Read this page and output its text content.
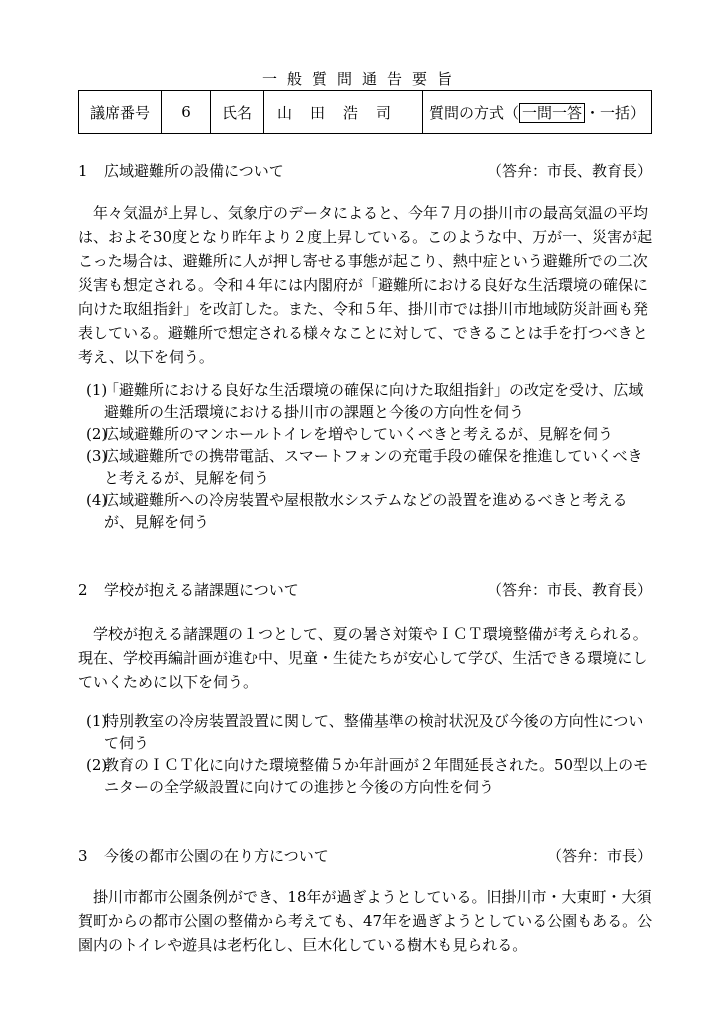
一般質問通告要旨
議席番号	6	氏名	山田浩司	質問の方式（ 一問一答 ・一括）
1 広域避難所の設備について	（答弁：市長、教育長）

年々気温が上昇し、気象庁のデータによると、今年７月の掛川市の最高気温の平均は、およそ30度となり昨年より２度上昇している。このような中、万が一、災害が起こった場合は、避難所に人が押し寄せる事態が起こり、熱中症という避難所での二次災害も想定される。令和４年には内閣府が「避難所における良好な生活環境の確保に向けた取組指針」を改訂した。また、令和５年、掛川市では掛川市地域防災計画も発表している。避難所で想定される様々なことに対して、できることは手を打つべきと考え、以下を伺う。

(1)
「避難所における良好な生活環境の確保に向けた取組指針」の改定を受け、広域避難所の生活環境における掛川市の課題と今後の方向性を伺う
(2)
広域避難所のマンホールトイレを増やしていくべきと考えるが、見解を伺う
(3)
広域避難所での携帯電話、スマートフォンの充電手段の確保を推進していくべきと考えるが、見解を伺う
(4)
広域避難所への冷房装置や屋根散水システムなどの設置を進めるべきと考えるが、見解を伺う
2 学校が抱える諸課題について	（答弁：市長、教育長）

学校が抱える諸課題の１つとして、夏の暑さ対策やＩＣＴ環境整備が考えられる。現在、学校再編計画が進む中、児童・生徒たちが安心して学び、生活できる環境にしていくために以下を伺う。

(1)
特別教室の冷房装置設置に関して、整備基準の検討状況及び今後の方向性について伺う
(2)
教育のＩＣＴ化に向けた環境整備５か年計画が２年間延長された。50型以上のモニターの全学級設置に向けての進捗と今後の方向性を伺う
3 今後の都市公園の在り方について	（答弁：市長）

掛川市都市公園条例ができ、18年が過ぎようとしている。旧掛川市・大東町・大須賀町からの都市公園の整備から考えても、47年を過ぎようとしている公園もある。公園内のトイレや遊具は老朽化し、巨木化している樹木も見られる。
